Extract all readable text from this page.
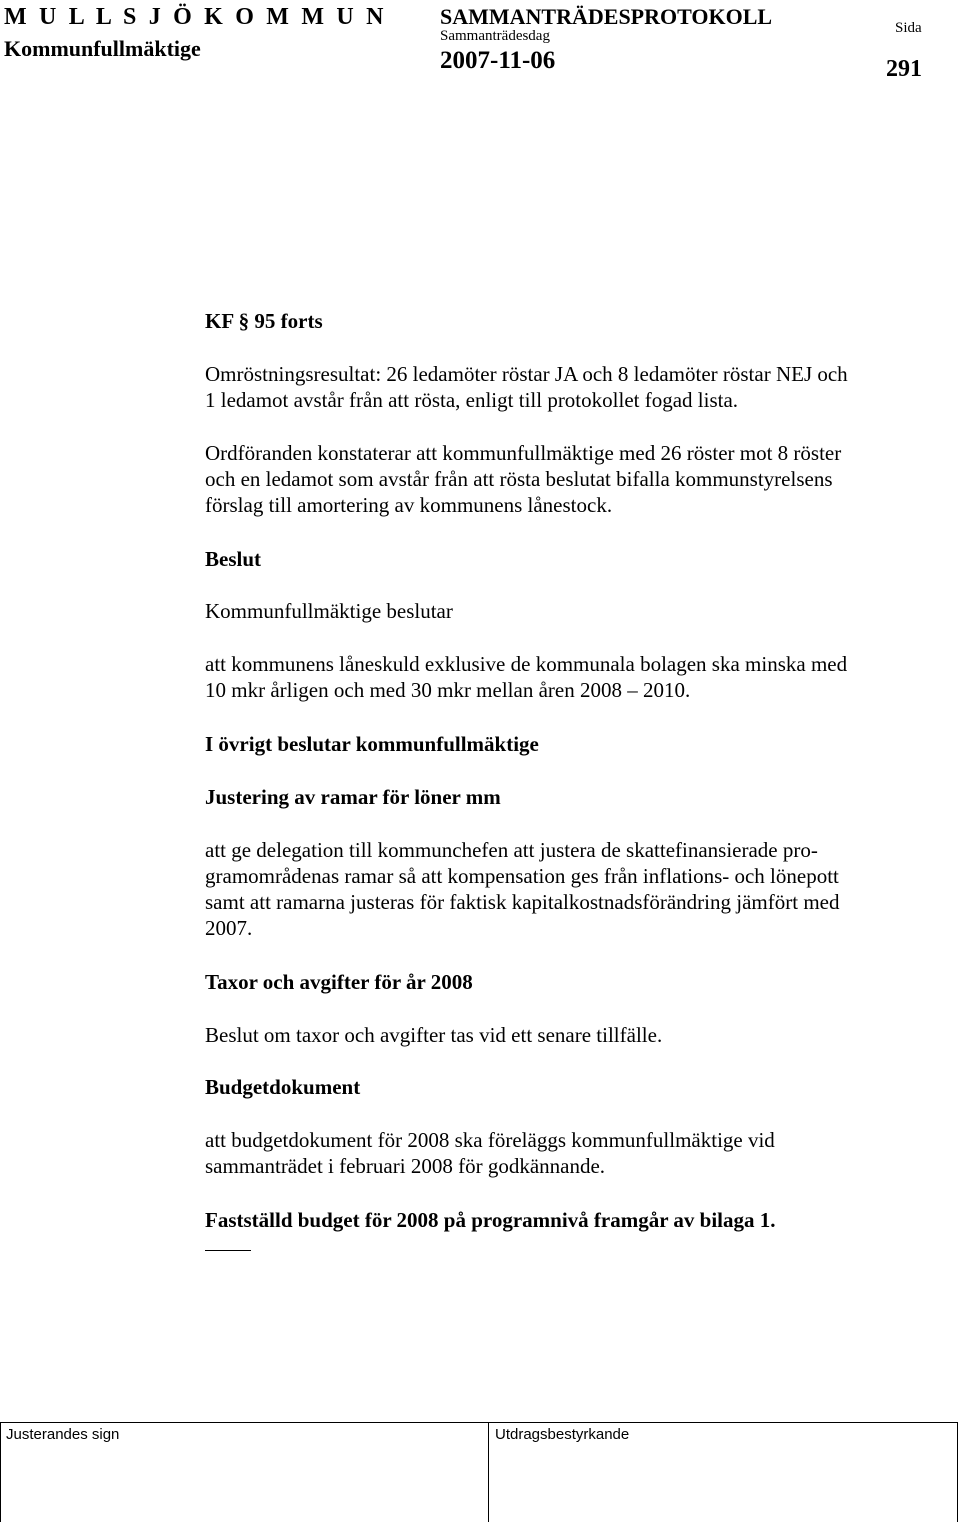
M U L L S J Ö K O M M U N
Kommunfullmäktige
SAMMANTRÄDESPROTOKOLL
Sammanträdesdag
2007-11-06
Sida
291
KF § 95 forts
Omröstningsresultat: 26 ledamöter röstar JA och 8 ledamöter röstar NEJ och
1 ledamot avstår från att rösta, enligt till protokollet fogad lista.
Ordföranden konstaterar att kommunfullmäktige med 26 röster mot 8 röster
och en ledamot som avstår från att rösta beslutat bifalla kommunstyrelsens
förslag till amortering av kommunens lånestock.
Beslut
Kommunfullmäktige beslutar
att kommunens låneskuld exklusive de kommunala bolagen ska minska med
10 mkr årligen och med 30 mkr mellan åren 2008 – 2010.
I övrigt beslutar kommunfullmäktige
Justering av ramar för löner mm
att ge delegation till kommunchefen att justera de skattefinansierade pro-
gramområdenas ramar så att kompensation ges från inflations- och lönepott
samt att ramarna justeras för faktisk kapitalkostnadsförändring jämfört med
2007.
Taxor och avgifter för år 2008
Beslut om taxor och avgifter tas vid ett senare tillfälle.
Budgetdokument
att budgetdokument för 2008 ska föreläggs kommunfullmäktige vid
sammanträdet i februari 2008 för godkännande.
Fastställd budget för 2008 på programnivå framgår av bilaga 1.
Justerandes sign	Utdragsbestyrkande
